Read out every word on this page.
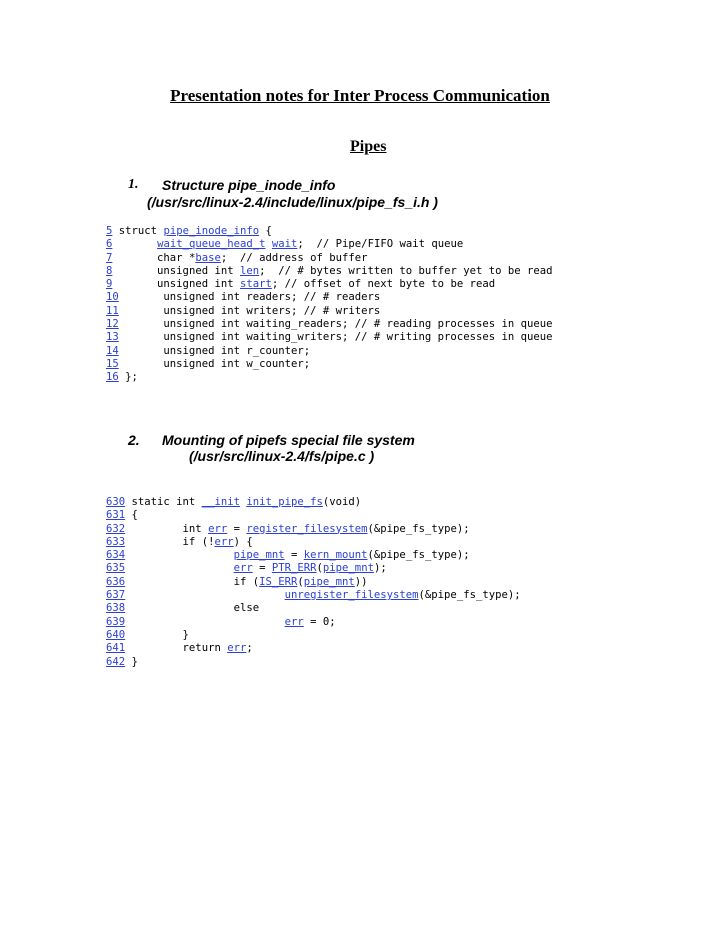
Presentation notes for Inter Process Communication
Pipes
1. Structure pipe_inode_info
(/usr/src/linux-2.4/include/linux/pipe_fs_i.h )
5 struct pipe_inode_info {
6	wait_queue_head_t wait;  // Pipe/FIFO wait queue
7       char *base;  // address of buffer
8       unsigned int len;  // # bytes written to buffer yet to be read
9       unsigned int start; // offset of next byte to be read
10       unsigned int readers; // # readers
11       unsigned int writers; // # writers
12       unsigned int waiting_readers; // # reading processes in queue
13       unsigned int waiting_writers; // # writing processes in queue
14       unsigned int r_counter;
15       unsigned int w_counter;
16 };
2. Mounting of pipefs special file system
(/usr/src/linux-2.4/fs/pipe.c )
630 static int __init init_pipe_fs(void)
631 {
632         int err = register_filesystem(&pipe_fs_type);
633         if (!err) {
634	pipe_mnt = kern_mount(&pipe_fs_type);
635	err = PTR_ERR(pipe_mnt);
636                 if (IS_ERR(pipe_mnt))
637	unregister_filesystem(&pipe_fs_type);
638                 else
639	err = 0;
640         }
641         return err;
642 }
